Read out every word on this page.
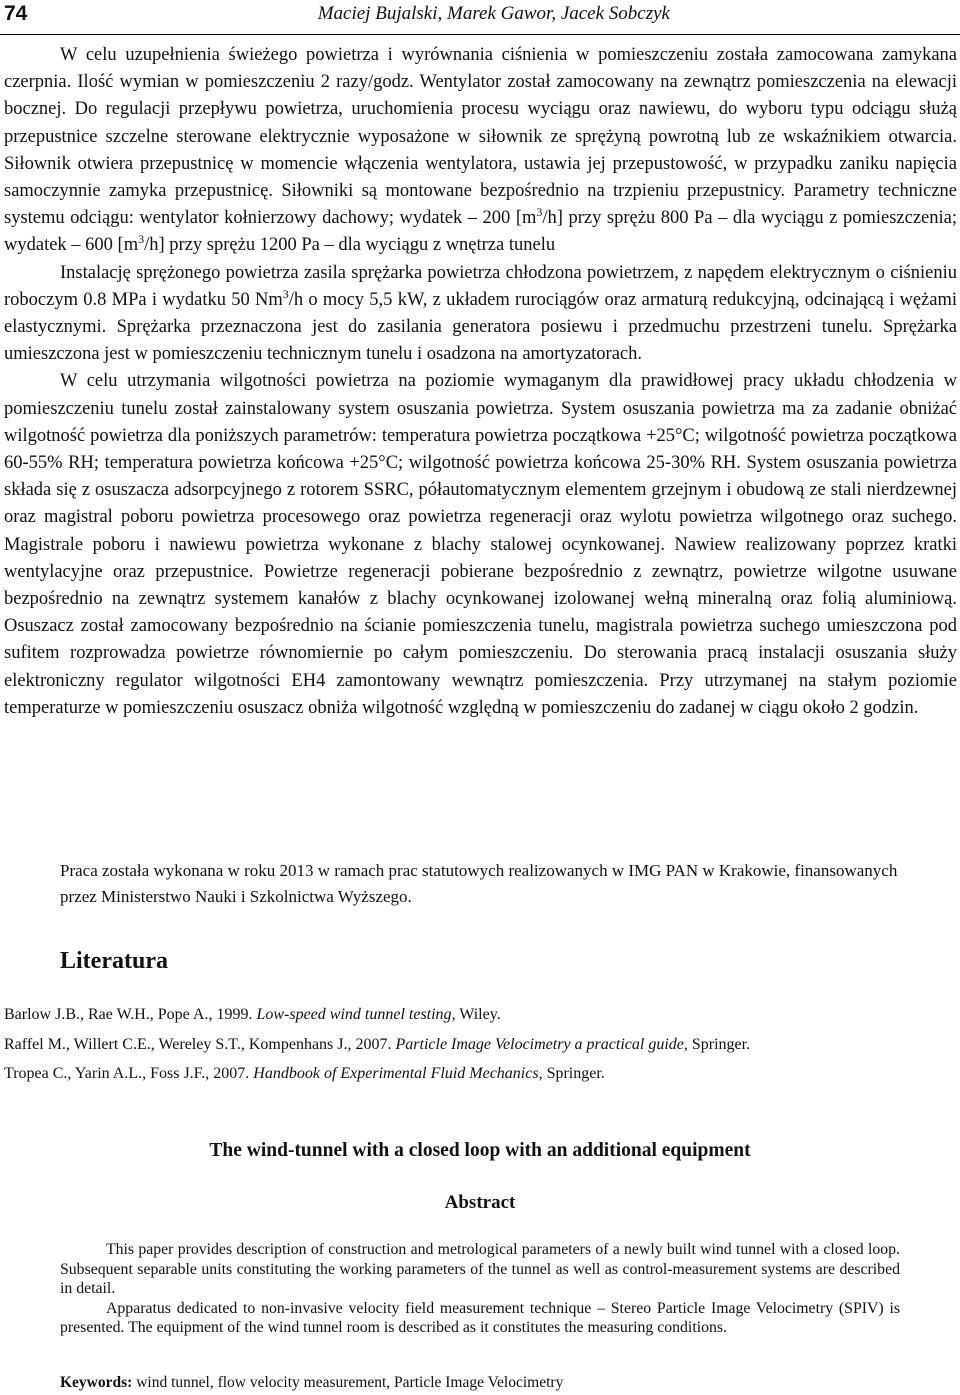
74	Maciej Bujalski, Marek Gawor, Jacek Sobczyk

W celu uzupełnienia świeżego powietrza i wyrównania ciśnienia w pomieszczeniu została zamocowana zamykana czerpnia. Ilość wymian w pomieszczeniu 2 razy/godz. Wentylator został zamocowany na zewnątrz pomieszczenia na elewacji bocznej. Do regulacji przepływu powietrza, uruchomienia procesu wyciągu oraz nawiewu, do wyboru typu odciągu służą przepustnice szczelne sterowane elektrycznie wyposażone w siłownik ze sprężyną powrotną lub ze wskaźnikiem otwarcia. Siłownik otwiera przepustnicę w momencie włączenia wentylatora, ustawia jej przepustowość, w przypadku zaniku napięcia samoczynnie zamyka przepustnicę. Siłowniki są montowane bezpośrednio na trzpieniu przepustnicy. Parametry techniczne systemu odciągu: wentylator kołnierzowy dachowy; wydatek – 200 $[m^3/h]$ przy sprężu 800 Pa – dla wyciągu z pomieszczenia; wydatek – 600 $[m^3/h]$ przy sprężu 1200 Pa – dla wyciągu z wnętrza tunelu

Instalację sprężonego powietrza zasila sprężarka powietrza chłodzona powietrzem, z napędem elektrycznym o ciśnieniu roboczym 0.8 MPa i wydatku 50 Nm$^3$/h o mocy 5,5 kW, z układem rurociągów oraz armaturą redukcyjną, odcinającą i wężami elastycznymi. Sprężarka przeznaczona jest do zasilania generatora posiewu i przedmuchu przestrzeni tunelu. Sprężarka umieszczona jest w pomieszczeniu technicznym tunelu i osadzona na amortyzatorach.

W celu utrzymania wilgotności powietrza na poziomie wymaganym dla prawidłowej pracy układu chłodzenia w pomieszczeniu tunelu został zainstalowany system osuszania powietrza. System osuszania powietrza ma za zadanie obniżać wilgotność powietrza dla poniższych parametrów: temperatura powietrza początkowa +25°C; wilgotność powietrza początkowa 60-55% RH; temperatura powietrza końcowa +25°C; wilgotność powietrza końcowa 25-30% RH. System osuszania powietrza składa się z osuszacza adsorpcyjnego z rotorem SSRC, półautomatycznym elementem grzejnym i obudową ze stali nierdzewnej oraz magistral poboru powietrza procesowego oraz powietrza regeneracji oraz wylotu powietrza wilgotnego oraz suchego. Magistrale poboru i nawiewu powietrza wykonane z blachy stalowej ocynkowanej. Nawiew realizowany poprzez kratki wentylacyjne oraz przepustnice. Powietrze regeneracji pobierane bezpośrednio z zewnątrz, powietrze wilgotne usuwane bezpośrednio na zewnątrz systemem kanałów z blachy ocynkowanej izolowanej wełną mineralną oraz folią aluminiową. Osuszacz został zamocowany bezpośrednio na ścianie pomieszczenia tunelu, magistrala powietrza suchego umieszczona pod sufitem rozprowadza powietrze równomiernie po całym pomieszczeniu. Do sterowania pracą instalacji osuszania służy elektroniczny regulator wilgotności EH4 zamontowany wewnątrz pomieszczenia. Przy utrzymanej na stałym poziomie temperaturze w pomieszczeniu osuszacz obniża wilgotność względną w pomieszczeniu do zadanej w ciągu około 2 godzin.

Praca została wykonana w roku 2013 w ramach prac statutowych realizowanych w IMG PAN w Krakowie, finansowanych przez Ministerstwo Nauki i Szkolnictwa Wyższego.
Literatura
Barlow J.B., Rae W.H., Pope A., 1999. Low-speed wind tunnel testing, Wiley.
Raffel M., Willert C.E., Wereley S.T., Kompenhans J., 2007. Particle Image Velocimetry a practical guide, Springer.
Tropea C., Yarin A.L., Foss J.F., 2007. Handbook of Experimental Fluid Mechanics, Springer.
The wind-tunnel with a closed loop with an additional equipment
Abstract

This paper provides description of construction and metrological parameters of a newly built wind tunnel with a closed loop. Subsequent separable units constituting the working parameters of the tunnel as well as control-measurement systems are described in detail.

Apparatus dedicated to non-invasive velocity field measurement technique – Stereo Particle Image Velocimetry (SPIV) is presented. The equipment of the wind tunnel room is described as it constitutes the measuring conditions.

Keywords: wind tunnel, flow velocity measurement, Particle Image Velocimetry
